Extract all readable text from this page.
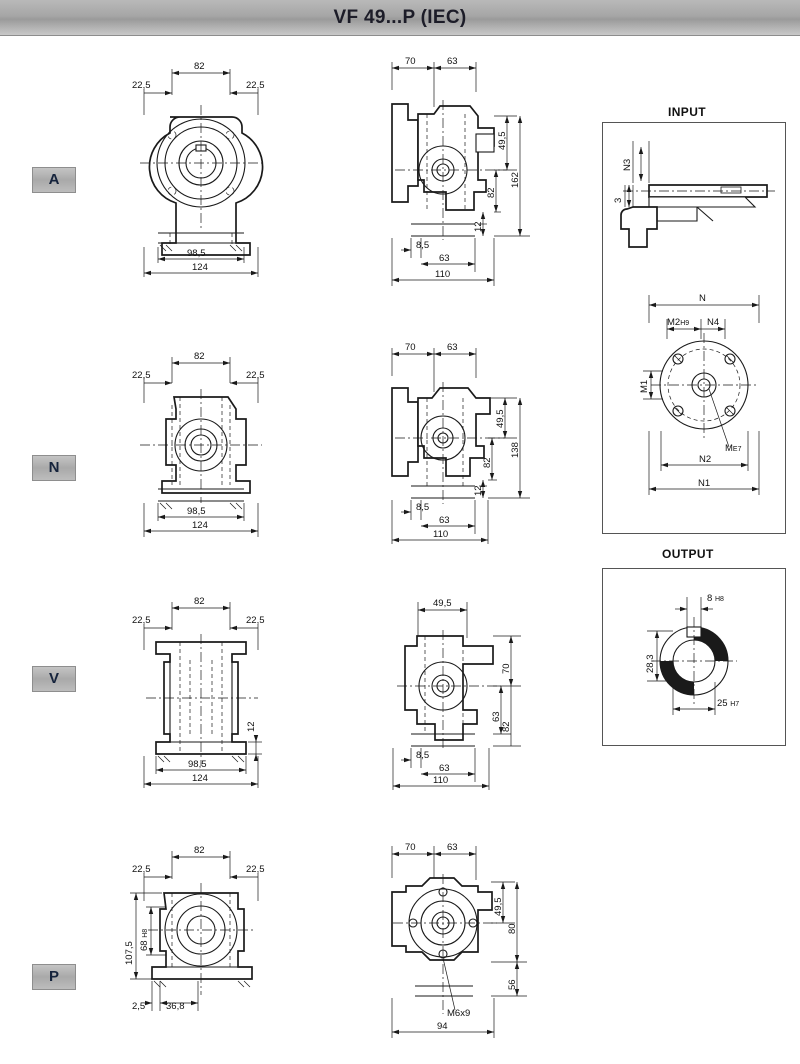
VF 49...P (IEC)
A
N
V
P
82
22,5	22,5
98,5
124
70	63
49,5
162
82
12
8,5
63
110
INPUT
N3
3
N
M2H9 N4
M1
ME7
N2
N1
82
22,5	22,5
98,5
124
70	63
49,5
138
82
12
8,5
63
110
OUTPUT
8 H8
28,3
25 H7
82
22,5	22,5
12
98,5
124
49,5
70
63
82
8,5
63
110
82
22,5	22,5
107,5 68 H8
2,5 36,8
70	63
49,5
80
56
M6x9
94
